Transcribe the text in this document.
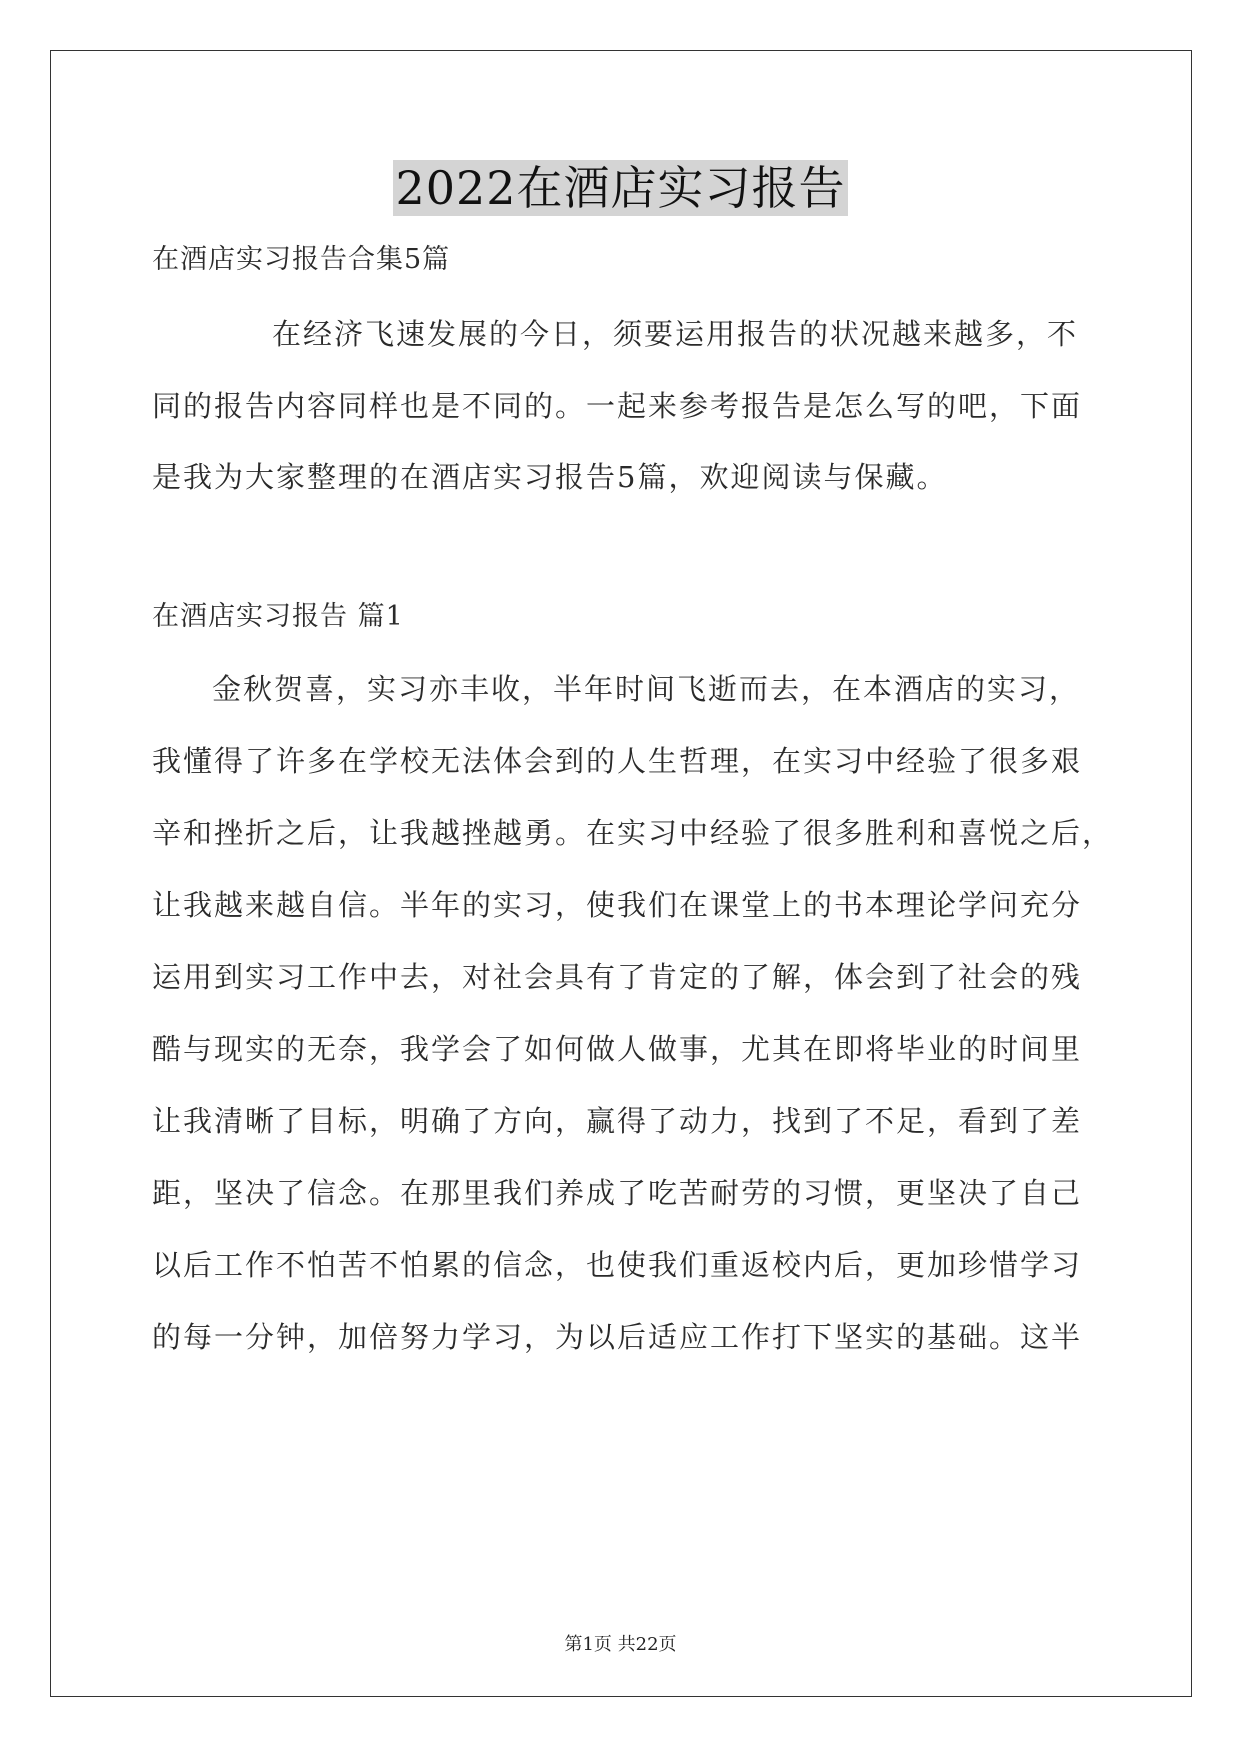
2022在酒店实习报告
在酒店实习报告合集5篇
在经济飞速发展的今日，须要运用报告的状况越来越多，不
同的报告内容同样也是不同的。一起来参考报告是怎么写的吧，下面
是我为大家整理的在酒店实习报告5篇，欢迎阅读与保藏。
在酒店实习报告 篇1
金秋贺喜，实习亦丰收，半年时间飞逝而去，在本酒店的实习，
我懂得了许多在学校无法体会到的人生哲理，在实习中经验了很多艰
辛和挫折之后，让我越挫越勇。在实习中经验了很多胜利和喜悦之后，
让我越来越自信。半年的实习，使我们在课堂上的书本理论学问充分
运用到实习工作中去，对社会具有了肯定的了解，体会到了社会的残
酷与现实的无奈，我学会了如何做人做事，尤其在即将毕业的时间里
让我清晰了目标，明确了方向，赢得了动力，找到了不足，看到了差
距，坚决了信念。在那里我们养成了吃苦耐劳的习惯，更坚决了自己
以后工作不怕苦不怕累的信念，也使我们重返校内后，更加珍惜学习
的每一分钟，加倍努力学习，为以后适应工作打下坚实的基础。这半
第1页 共22页
